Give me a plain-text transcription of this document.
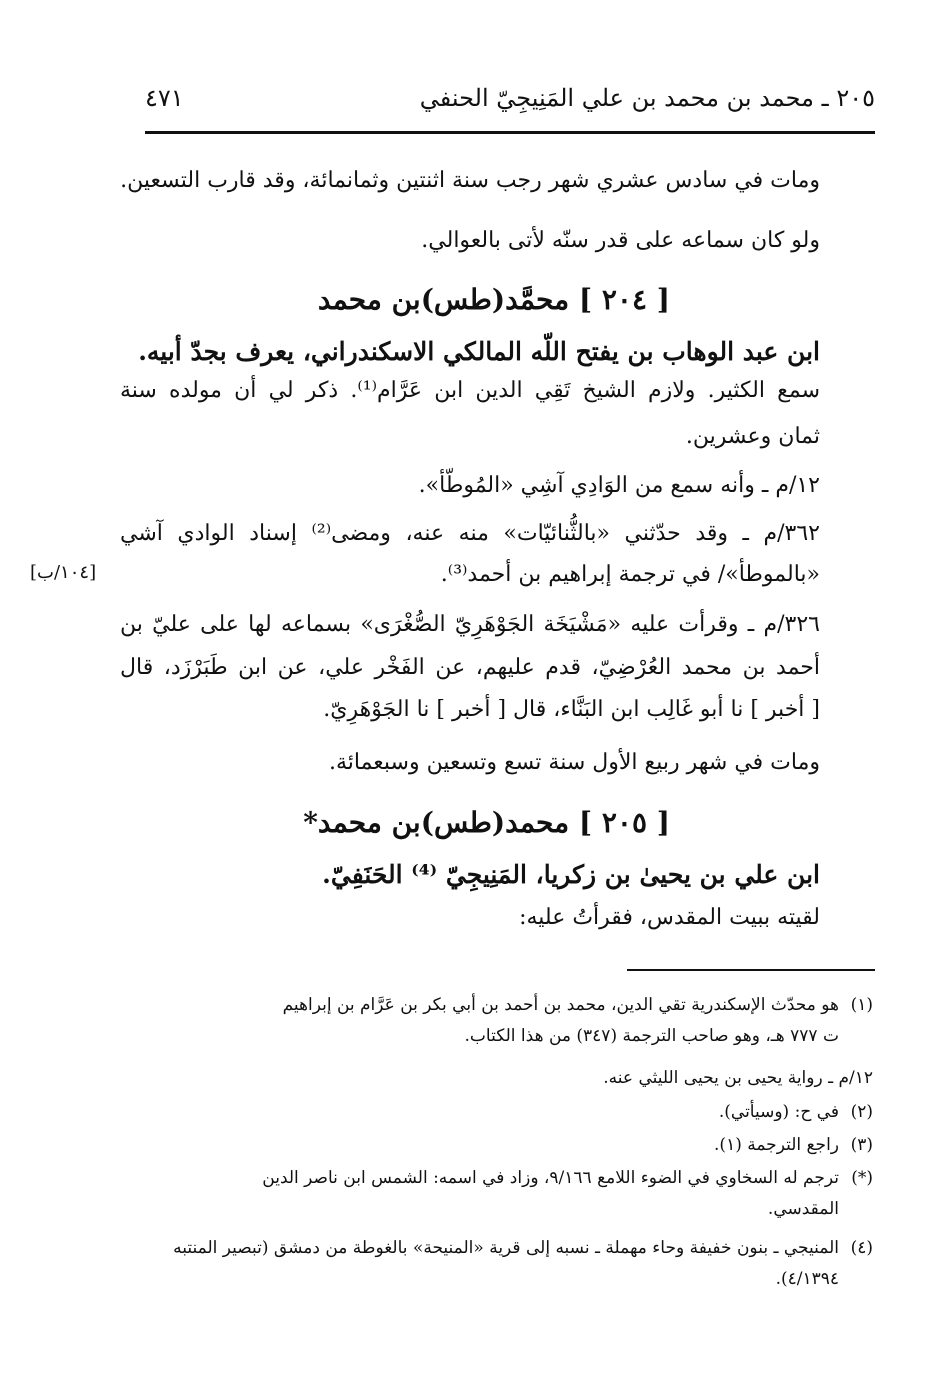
٢٠٥ ـ محمد بن محمد بن علي المَنِيجِيّ الحنفي
٤٧١
ومات في سادس عشري شهر رجب سنة اثنتين وثمانمائة، وقد قارب التسعين.
ولو كان سماعه على قدر سنّه لأتى بالعوالي.
[ ٢٠٤ ] محمَّد(طس)بن محمد
ابن عبد الوهاب بن يفتح اللّه المالكي الاسكندراني، يعرف بجدّ أبيه.
سمع الكثير. ولازم الشيخ تَقِي الدين ابن عَرَّام⁽¹⁾. ذكر لي أن مولده سنة
ثمان وعشرين.
١٢/م ـ وأنه سمع من الوَادِي آشِي «المُوطّأ».
٣٦٢/م ـ وقد حدّثني «بالثُّنائيّات» منه عنه، ومضى⁽²⁾ إسناد الوادي آشي
«بالموطأ»/ في ترجمة إبراهيم بن أحمد⁽³⁾.
[١٠٤/ب]
٣٢٦/م ـ وقرأت عليه «مَشْيَخَة الجَوْهَرِيّ الصُّغْرَى» بسماعه لها على عليّ بن
أحمد بن محمد العُرْضِيّ، قدم عليهم، عن الفَخْر علي، عن ابن طَبَرْزَد، قال
[ أخبر ] نا أبو غَالِب ابن البَنَّاء، قال [ أخبر ] نا الجَوْهَرِيّ.
ومات في شهر ربيع الأول سنة تسع وتسعين وسبعمائة.
[ ٢٠٥ ] محمد(طس)بن محمد*
ابن علي بن يحيىٰ بن زكريا، المَنِيجِيّ ⁽⁴⁾ الحَنَفِيّ.
لقيته ببيت المقدس، فقرأتُ عليه:
(١)هو محدّث الإسكندرية تقي الدين، محمد بن أحمد بن أبي بكر بن عَرَّام بن إبراهيم
ت ٧٧٧ هـ، وهو صاحب الترجمة (٣٤٧) من هذا الكتاب.
١٢/م ـ رواية يحيى بن يحيى الليثي عنه.
(٢)في ح: (وسيأتي).
(٣)راجع الترجمة (١).
(*)ترجم له السخاوي في الضوء اللامع ٩/١٦٦، وزاد في اسمه: الشمس ابن ناصر الدين
المقدسي.
(٤)المنيجي ـ بنون خفيفة وحاء مهملة ـ نسبه إلى قرية «المنيحة» بالغوطة من دمشق (تبصير المنتبه
٤/١٣٩٤).
